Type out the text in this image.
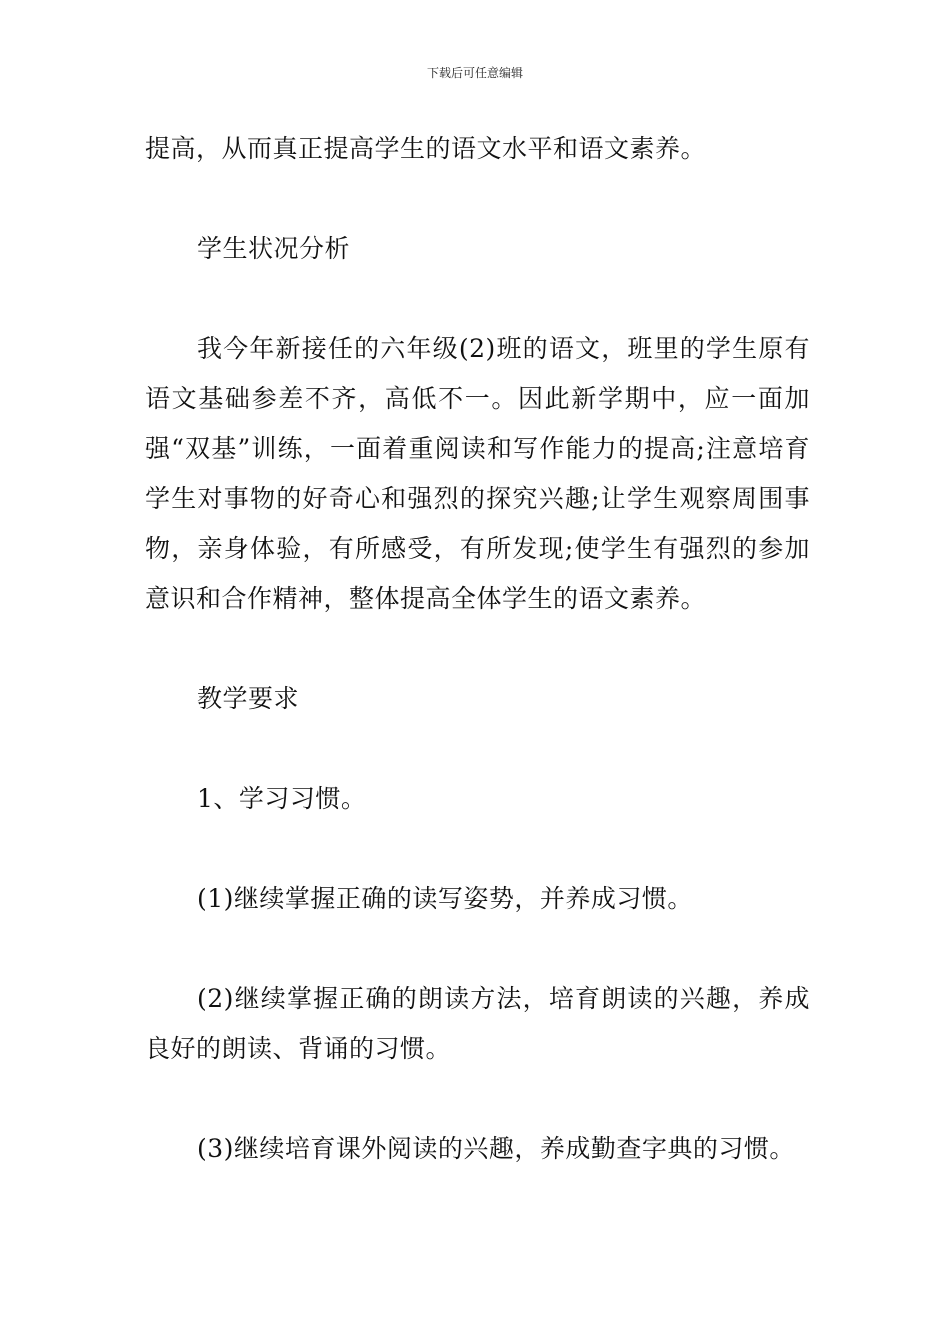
下载后可任意编辑

提高，从而真正提高学生的语文水平和语文素养。

学生状况分析

我今年新接任的六年级(2)班的语文，班里的学生原有语文基础参差不齐，高低不一。因此新学期中，应一面加强“双基”训练，一面着重阅读和写作能力的提高;注意培育学生对事物的好奇心和强烈的探究兴趣;让学生观察周围事物，亲身体验，有所感受，有所发现;使学生有强烈的参加意识和合作精神，整体提高全体学生的语文素养。

教学要求

1、学习习惯。

(1)继续掌握正确的读写姿势，并养成习惯。

(2)继续掌握正确的朗读方法，培育朗读的兴趣，养成良好的朗读、背诵的习惯。

(3)继续培育课外阅读的兴趣，养成勤查字典的习惯。
